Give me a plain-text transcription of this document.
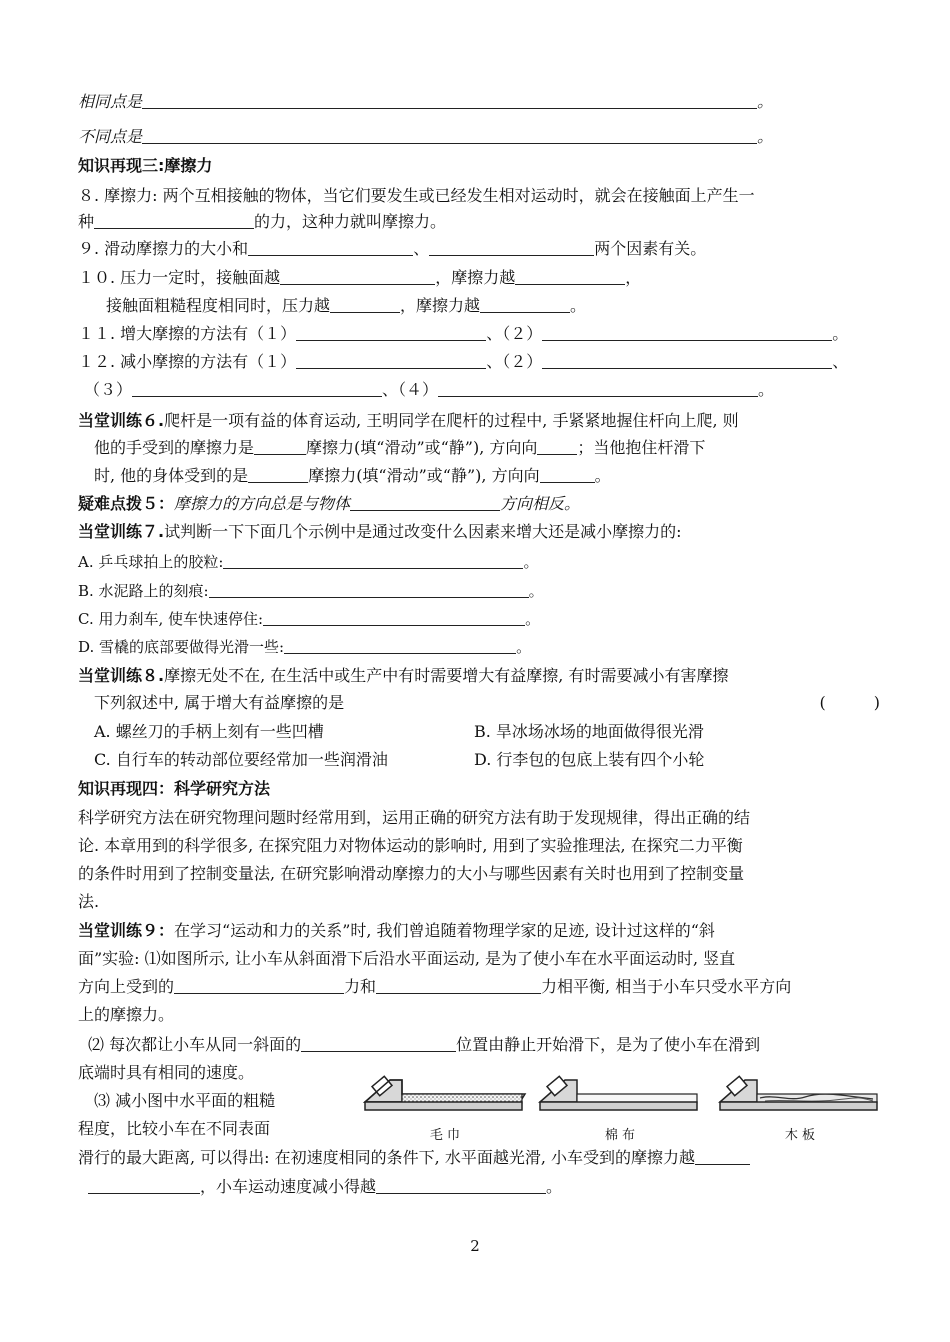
相同点是	。
不同点是	。
知识再现三:摩擦力
８. 摩擦力: 两个互相接触的物体，当它们要发生或已经发生相对运动时，就会在接触面上产生一
种	的力，这种力就叫摩擦力。
９. 滑动摩擦力的大小和	、	两个因素有关。
１０. 压力一定时，接触面越	，摩擦力越	，
接触面粗糙程度相同时，压力越	，摩擦力越	。
１１. 增大摩擦的方法有（１）	、（２）	。
１２. 减小摩擦的方法有（１）	、（２）	、
（３）	、（４）	。
当堂训练６.爬杆是一项有益的体育运动, 王明同学在爬杆的过程中, 手紧紧地握住杆向上爬, 则
他的手受到的摩擦力是	摩擦力(填“滑动”或“静”), 方向向	；当他抱住杆滑下
时, 他的身体受到的是	摩擦力(填“滑动”或“静”), 方向向	。
疑难点拨５：摩擦力的方向总是与物体	方向相反。
当堂训练７.试判断一下下面几个示例中是通过改变什么因素来增大还是减小摩擦力的:
A. 乒乓球拍上的胶粒:	。
B. 水泥路上的刻痕:	。
C. 用力刹车, 使车快速停住:	。
D. 雪橇的底部要做得光滑一些:	。
当堂训练８.摩擦无处不在, 在生活中或生产中有时需要增大有益摩擦, 有时需要减小有害摩擦
下列叙述中, 属于增大有益摩擦的是	(　　　)
A. 螺丝刀的手柄上刻有一些凹槽	B. 旱冰场冰场的地面做得很光滑
C. 自行车的转动部位要经常加一些润滑油	D. 行李包的包底上装有四个小轮
知识再现四：科学研究方法
科学研究方法在研究物理问题时经常用到，运用正确的研究方法有助于发现规律，得出正确的结
论. 本章用到的科学很多, 在探究阻力对物体运动的影响时, 用到了实验推理法, 在探究二力平衡
的条件时用到了控制变量法, 在研究影响滑动摩擦力的大小与哪些因素有关时也用到了控制变量
法.
当堂训练９：在学习“运动和力的关系”时, 我们曾追随着物理学家的足迹, 设计过这样的“斜
面”实验: ⑴如图所示, 让小车从斜面滑下后沿水平面运动, 是为了使小车在水平面运动时, 竖直
方向上受到的	力和	力相平衡, 相当于小车只受水平方向
上的摩擦力。
⑵ 每次都让小车从同一斜面的	位置由静止开始滑下，是为了使小车在滑到
底端时具有相同的速度。
⑶ 减小图中水平面的粗糙
程度，比较小车在不同表面
滑行的最大距离, 可以得出: 在初速度相同的条件下, 水平面越光滑, 小车受到的摩擦力越
，小车运动速度减小得越	。
毛 巾	棉 布	木 板
2
